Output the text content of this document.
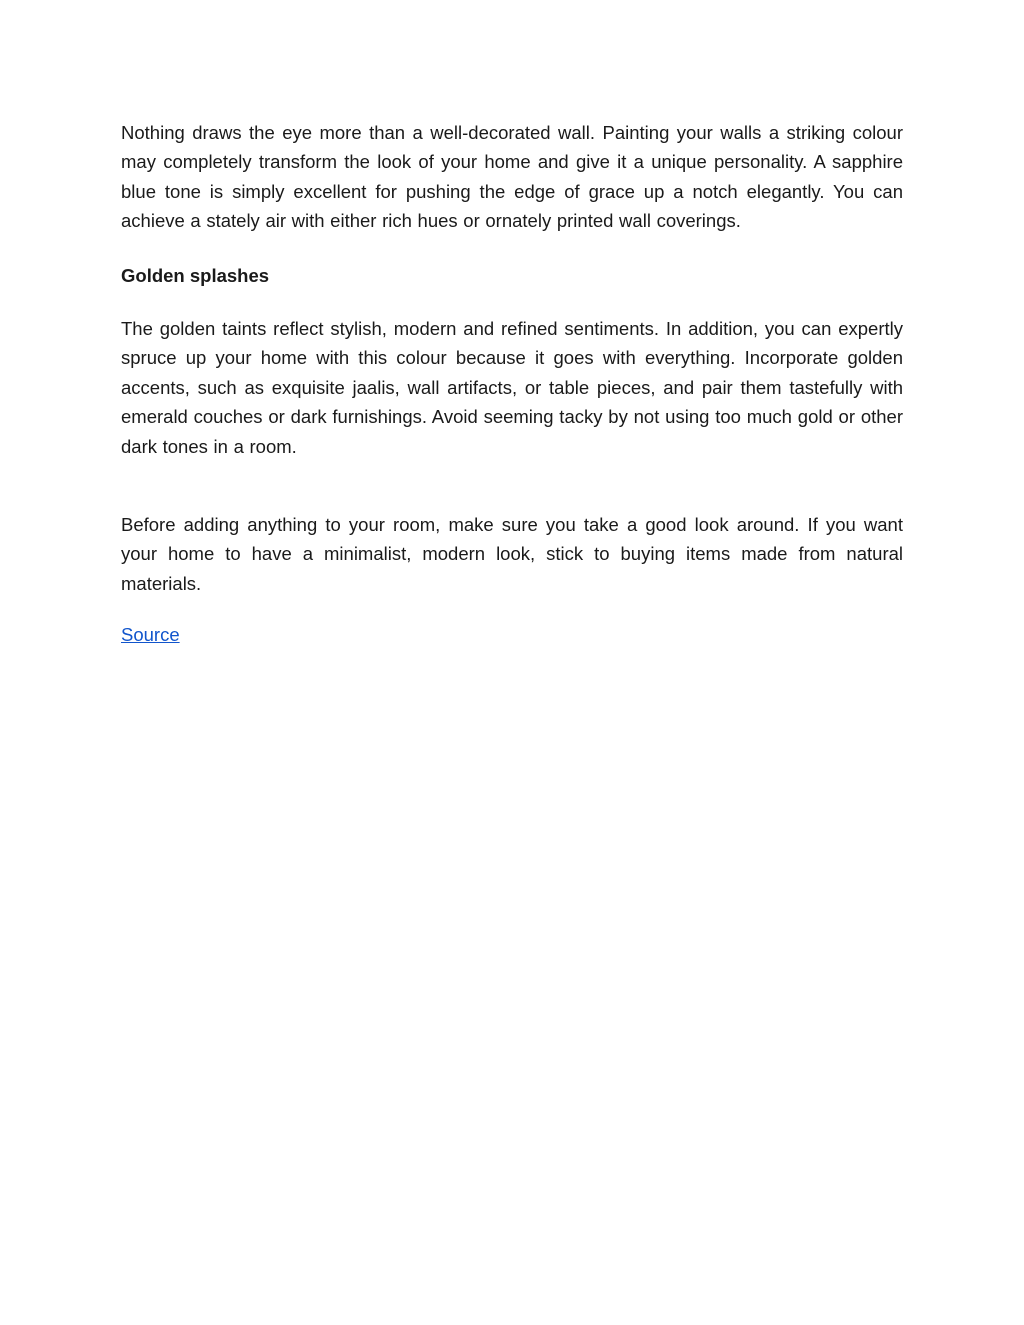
Nothing draws the eye more than a well-decorated wall. Painting your walls a striking colour may completely transform the look of your home and give it a unique personality. A sapphire blue tone is simply excellent for pushing the edge of grace up a notch elegantly. You can achieve a stately air with either rich hues or ornately printed wall coverings.

Golden splashes

The golden taints reflect stylish, modern and refined sentiments. In addition, you can expertly spruce up your home with this colour because it goes with everything. Incorporate golden accents, such as exquisite jaalis, wall artifacts, or table pieces, and pair them tastefully with emerald couches or dark furnishings. Avoid seeming tacky by not using too much gold or other dark tones in a room.

Before adding anything to your room, make sure you take a good look around. If you want your home to have a minimalist, modern look, stick to buying items made from natural materials.

Source
